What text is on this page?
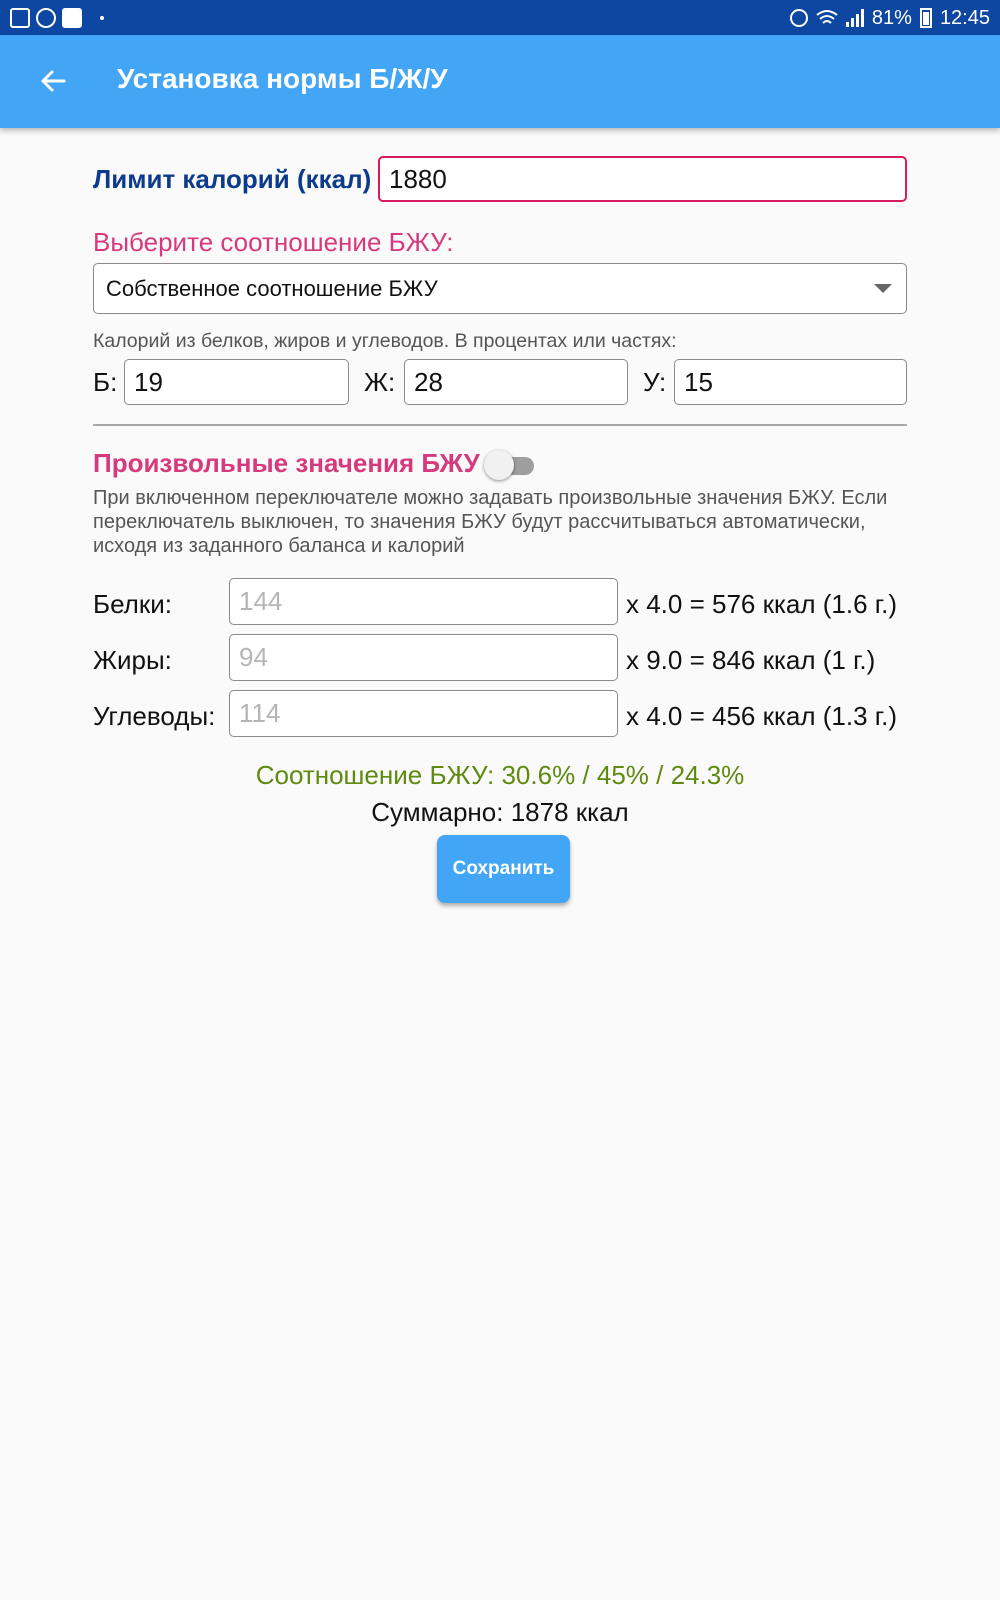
81% 12:45
Установка нормы Б/Ж/У
Лимит калорий (ккал) 1880
Выберите соотношение БЖУ:
Собственное соотношение БЖУ
Калорий из белков, жиров и углеводов. В процентах или частях:
Б: 19	Ж: 28	У: 15
Произвольные значения БЖУ
При включенном переключателе можно задавать произвольные значения БЖУ. Если переключатель выключен, то значения БЖУ будут рассчитываться автоматически, исходя из заданного баланса и калорий
Белки:	144	x 4.0 = 576 ккал (1.6 г.)
Жиры:	94	x 9.0 = 846 ккал (1 г.)
Углеводы: 114	x 4.0 = 456 ккал (1.3 г.)
Соотношение БЖУ: 30.6% / 45% / 24.3%
Суммарно: 1878 ккал
Сохранить
